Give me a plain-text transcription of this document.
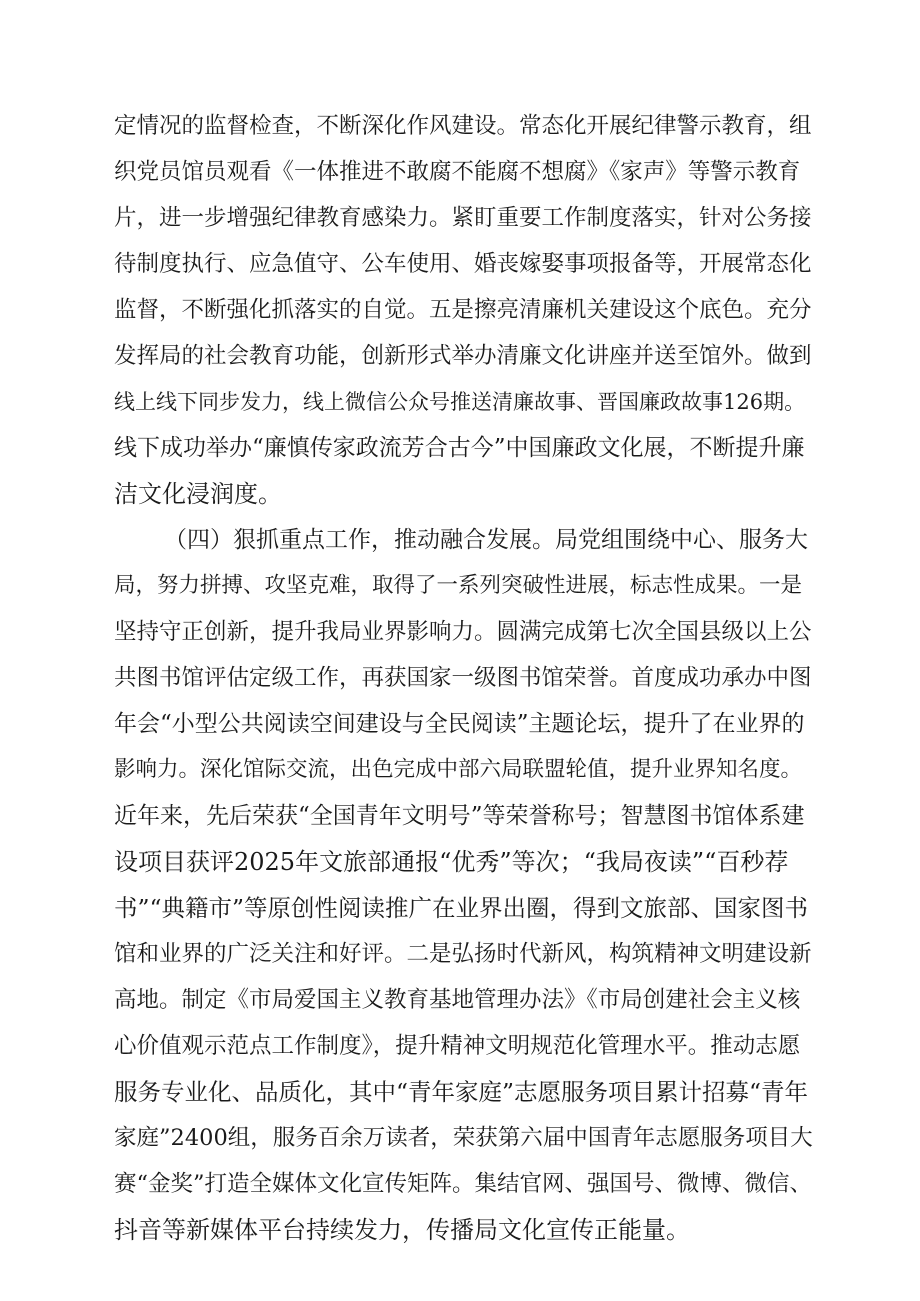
定情况的监督检查，不断深化作风建设。常态化开展纪律警示教育，组
织党员馆员观看《一体推进不敢腐不能腐不想腐》《家声》等警示教育
片，进一步增强纪律教育感染力。紧盯重要工作制度落实，针对公务接
待制度执行、应急值守、公车使用、婚丧嫁娶事项报备等，开展常态化
监督，不断强化抓落实的自觉。五是擦亮清廉机关建设这个底色。充分
发挥局的社会教育功能，创新形式举办清廉文化讲座并送至馆外。做到
线上线下同步发力，线上微信公众号推送清廉故事、晋国廉政故事126期。
线下成功举办“廉慎传家政流芳合古今”中国廉政文化展，不断提升廉
洁文化浸润度。
（四）狠抓重点工作，推动融合发展。局党组围绕中心、服务大
局，努力拼搏、攻坚克难，取得了一系列突破性进展，标志性成果。一是
坚持守正创新，提升我局业界影响力。圆满完成第七次全国县级以上公
共图书馆评估定级工作，再获国家一级图书馆荣誉。首度成功承办中图
年会“小型公共阅读空间建设与全民阅读”主题论坛，提升了在业界的
影响力。深化馆际交流，出色完成中部六局联盟轮值，提升业界知名度。
近年来，先后荣获“全国青年文明号”等荣誉称号；智慧图书馆体系建
设项目获评2025年文旅部通报“优秀”等次；“我局夜读”“百秒荐
书”“典籍市”等原创性阅读推广在业界出圈，得到文旅部、国家图书
馆和业界的广泛关注和好评。二是弘扬时代新风，构筑精神文明建设新
高地。制定《市局爱国主义教育基地管理办法》《市局创建社会主义核
心价值观示范点工作制度》，提升精神文明规范化管理水平。推动志愿
服务专业化、品质化，其中“青年家庭”志愿服务项目累计招募“青年
家庭”2400组，服务百余万读者，荣获第六届中国青年志愿服务项目大
赛“金奖”打造全媒体文化宣传矩阵。集结官网、强国号、微博、微信、
抖音等新媒体平台持续发力，传播局文化宣传正能量。
